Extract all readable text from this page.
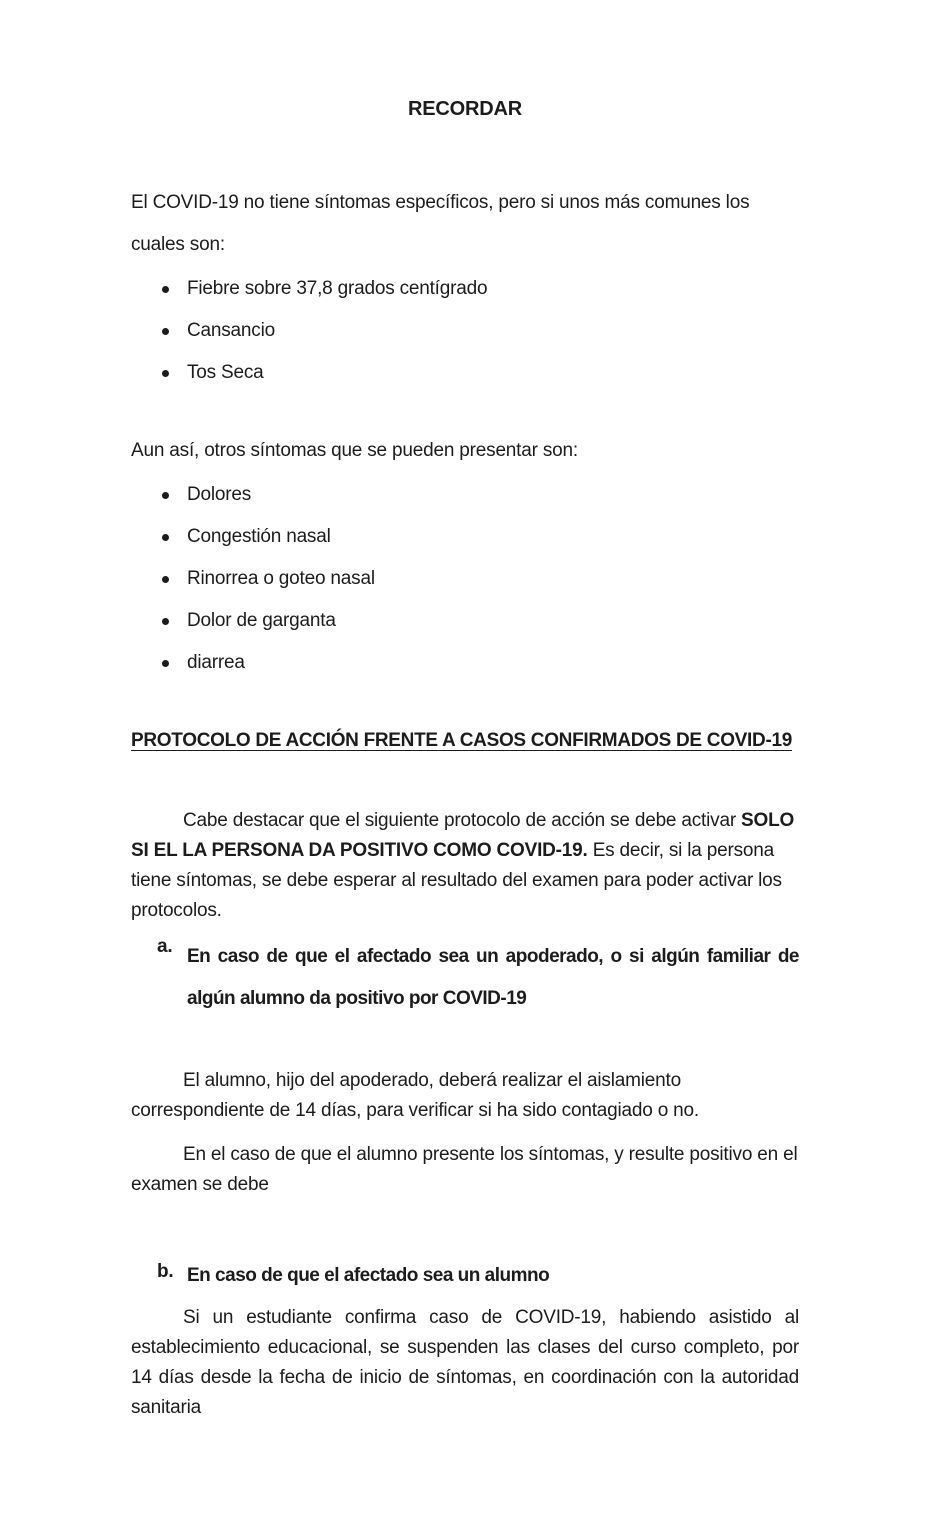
RECORDAR

El COVID-19 no tiene síntomas específicos, pero si unos más comunes los cuales son:

Fiebre sobre 37,8 grados centígrado
Cansancio
Tos Seca

Aun así, otros síntomas que se pueden presentar son:

Dolores
Congestión nasal
Rinorrea o goteo nasal
Dolor de garganta
diarrea
PROTOCOLO DE ACCIÓN FRENTE A CASOS CONFIRMADOS DE COVID-19

Cabe destacar que el siguiente protocolo de acción se debe activar SOLO SI EL LA PERSONA DA POSITIVO COMO COVID-19. Es decir, si la persona tiene síntomas, se debe esperar al resultado del examen para poder activar los protocolos.

a. En caso de que el afectado sea un apoderado, o si algún familiar de algún alumno da positivo por COVID-19

El alumno, hijo del apoderado, deberá realizar el aislamiento correspondiente de 14 días, para verificar si ha sido contagiado o no.

En el caso de que el alumno presente los síntomas, y resulte positivo en el examen se debe

b. En caso de que el afectado sea un alumno

Si un estudiante confirma caso de COVID-19, habiendo asistido al establecimiento educacional, se suspenden las clases del curso completo, por 14 días desde la fecha de inicio de síntomas, en coordinación con la autoridad sanitaria
